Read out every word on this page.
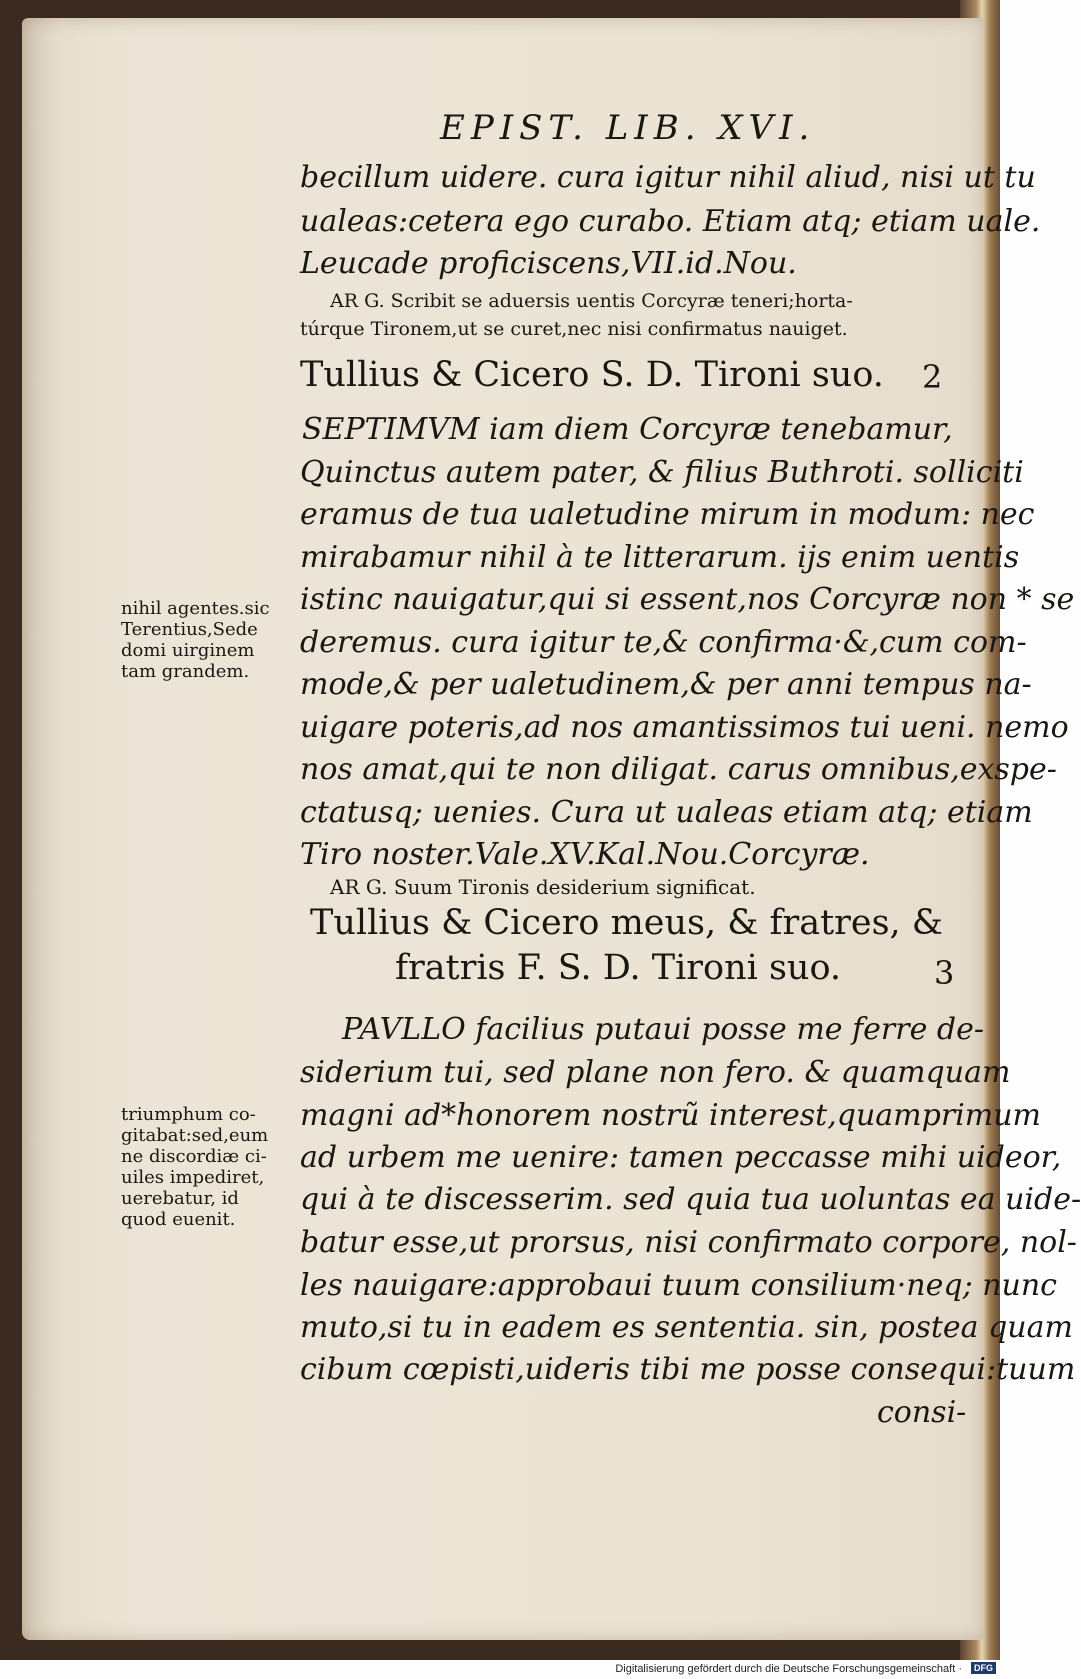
EPIST. LIB. XVI.
becillum uidere. cura igitur nihil aliud, nisi ut tu
ualeas:cetera ego curabo. Etiam atq; etiam uale.
Leucade proficiscens,VII.id.Nou.
AR G. Scribit se aduersis uentis Corcyræ teneri;horta-
túrque Tironem,ut se curet,nec nisi confirmatus nauiget.
Tullius & Cicero S. D. Tironi suo. 2
SEPTIMVM iam diem Corcyræ tenebamur,
Quinctus autem pater, & filius Buthroti. solliciti
eramus de tua ualetudine mirum in modum: nec
mirabamur nihil à te litterarum. ijs enim uentis
istinc nauigatur,qui si essent,nos Corcyræ non * se
deremus. cura igitur te,& confirma·&,cum com-
mode,& per ualetudinem,& per anni tempus na-
uigare poteris,ad nos amantissimos tui ueni. nemo
nos amat,qui te non diligat. carus omnibus,exspe-
ctatusq; uenies. Cura ut ualeas etiam atq; etiam
Tiro noster.Vale.XV.Kal.Nou.Corcyræ.
nihil agentes.sic
Terentius,Sede
domi uirginem
tam grandem.
AR G. Suum Tironis desiderium significat.
Tullius & Cicero meus, & fratres, &
fratris F. S. D. Tironi suo.	3
PAVLLO facilius putaui posse me ferre de-
siderium tui, sed plane non fero. & quamquam
magni ad*honorem nostrũ interest,quamprimum
ad urbem me uenire: tamen peccasse mihi uideor,
qui à te discesserim. sed quia tua uoluntas ea uide-
batur esse,ut prorsus, nisi confirmato corpore, nol-
les nauigare:approbaui tuum consilium·neq; nunc
muto,si tu in eadem es sententia. sin, postea quam
cibum cœpisti,uideris tibi me posse consequi:tuum
triumphum co-
gitabat:sed,eum
ne discordiæ ci-
uiles impediret,
uerebatur, id
quod euenit.
consi-
Digitalisierung gefördert durch die Deutsche Forschungsgemeinschaft ·	DFG
